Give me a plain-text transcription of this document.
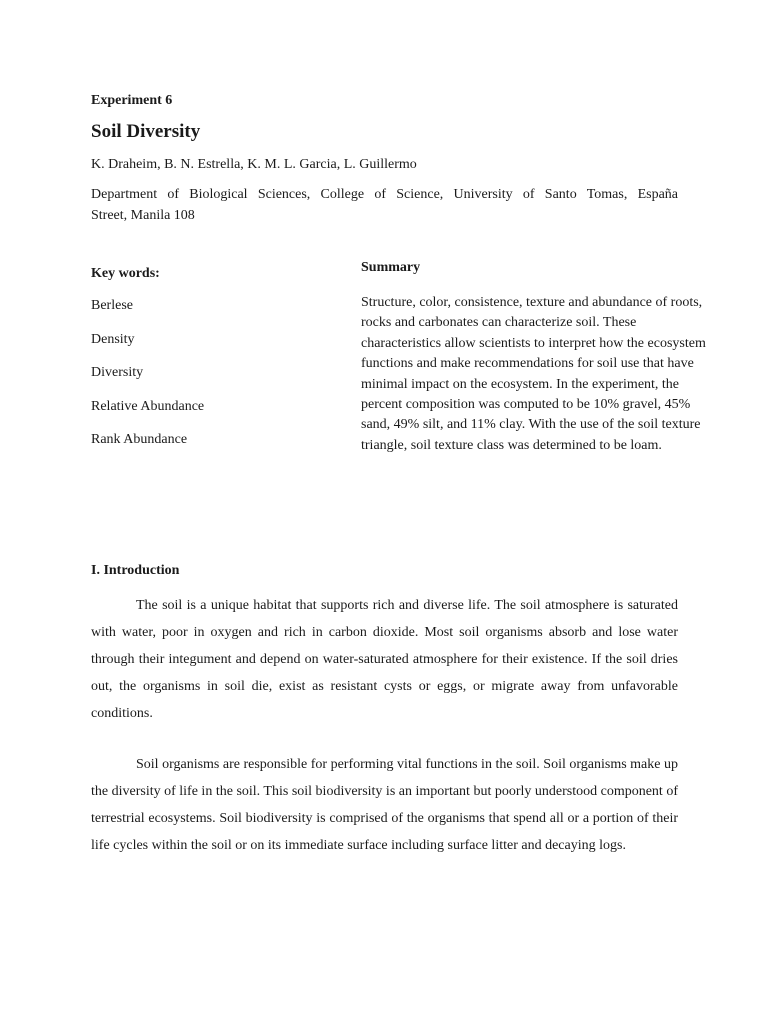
Experiment 6

Soil Diversity

K. Draheim, B. N. Estrella, K. M. L. Garcia, L. Guillermo

Department of Biological Sciences, College of Science, University of Santo Tomas, España
Street, Manila 108

Key words:

Berlese
Density
Diversity
Relative Abundance
Rank Abundance

Summary

Structure, color, consistence, texture and abundance of roots, rocks and carbonates can characterize soil. These characteristics allow scientists to interpret how the ecosystem functions and make recommendations for soil use that have minimal impact on the ecosystem. In the experiment, the percent composition was computed to be 10% gravel, 45% sand, 49% silt, and 11% clay. With the use of the soil texture triangle, soil texture class was determined to be loam.

I. Introduction

The soil is a unique habitat that supports rich and diverse life. The soil atmosphere is saturated with water, poor in oxygen and rich in carbon dioxide. Most soil organisms absorb and lose water through their integument and depend on water-saturated atmosphere for their existence. If the soil dries out, the organisms in soil die, exist as resistant cysts or eggs, or migrate away from unfavorable conditions.

Soil organisms are responsible for performing vital functions in the soil. Soil organisms make up the diversity of life in the soil. This soil biodiversity is an important but poorly understood component of terrestrial ecosystems. Soil biodiversity is comprised of the organisms that spend all or a portion of their life cycles within the soil or on its immediate surface including surface litter and decaying logs.
